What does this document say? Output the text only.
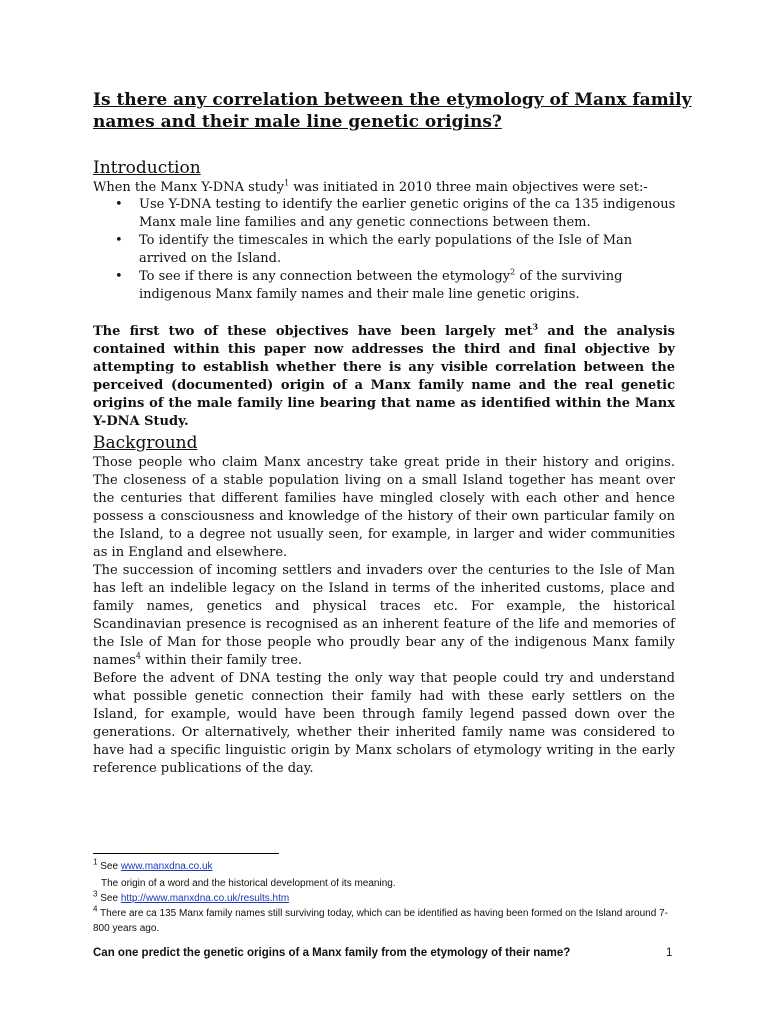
Is there any correlation between the etymology of Manx family names and their male line genetic origins?
Introduction

When the Manx Y-DNA study$^1$ was initiated in 2010 three main objectives were set:-

• Use Y-DNA testing to identify the earlier genetic origins of the ca 135 indigenous Manx male line families and any genetic connections between them.
• To identify the timescales in which the early populations of the Isle of Man arrived on the Island.
• To see if there is any connection between the etymology$^2$ of the surviving indigenous Manx family names and their male line genetic origins.

The first two of these objectives have been largely met$^3$ and the analysis contained within this paper now addresses the third and final objective by attempting to establish whether there is any visible correlation between the perceived (documented) origin of a Manx family name and the real genetic origins of the male family line bearing that name as identified within the Manx Y-DNA Study.

Background

Those people who claim Manx ancestry take great pride in their history and origins. The closeness of a stable population living on a small Island together has meant over the centuries that different families have mingled closely with each other and hence possess a consciousness and knowledge of the history of their own particular family on the Island, to a degree not usually seen, for example, in larger and wider communities as in England and elsewhere.

The succession of incoming settlers and invaders over the centuries to the Isle of Man has left an indelible legacy on the Island in terms of the inherited customs, place and family names, genetics and physical traces etc. For example, the historical Scandinavian presence is recognised as an inherent feature of the life and memories of the Isle of Man for those people who proudly bear any of the indigenous Manx family names$^4$ within their family tree.

Before the advent of DNA testing the only way that people could try and understand what possible genetic connection their family had with these early settlers on the Island, for example, would have been through family legend passed down over the generations. Or alternatively, whether their inherited family name was considered to have had a specific linguistic origin by Manx scholars of etymology writing in the early reference publications of the day.

$^1$ See www.manxdna.co.uk

The origin of a word and the historical development of its meaning.

$^3$ See http://www.manxdna.co.uk/results.htm

$^4$ There are ca 135 Manx family names still surviving today, which can be identified as having been formed on the Island around 7-800 years ago.

Can one predict the genetic origins of a Manx family from the etymology of their name?	1
